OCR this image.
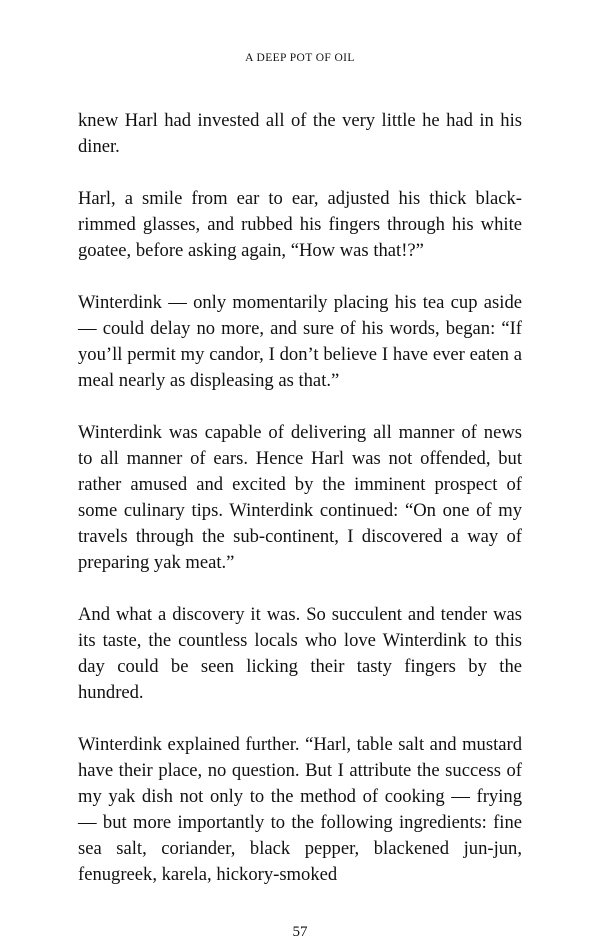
A DEEP POT OF OIL

knew Harl had invested all of the very little he had in his diner.

Harl, a smile from ear to ear, adjusted his thick black-rimmed glasses, and rubbed his fingers through his white goatee, before asking again, “How was that!?”

Winterdink — only momentarily placing his tea cup aside — could delay no more, and sure of his words, began: “If you’ll permit my candor, I don’t believe I have ever eaten a meal nearly as displeasing as that.”

Winterdink was capable of delivering all manner of news to all manner of ears. Hence Harl was not offended, but rather amused and excited by the imminent prospect of some culinary tips. Winterdink continued: “On one of my travels through the sub-continent, I discovered a way of preparing yak meat.”

And what a discovery it was. So succulent and tender was its taste, the countless locals who love Winterdink to this day could be seen licking their tasty fingers by the hundred.

Winterdink explained further. “Harl, table salt and mustard have their place, no question. But I attribute the success of my yak dish not only to the method of cooking — frying — but more importantly to the following ingredients: fine sea salt, coriander, black pepper, blackened jun-jun, fenugreek, karela, hickory-smoked

57
